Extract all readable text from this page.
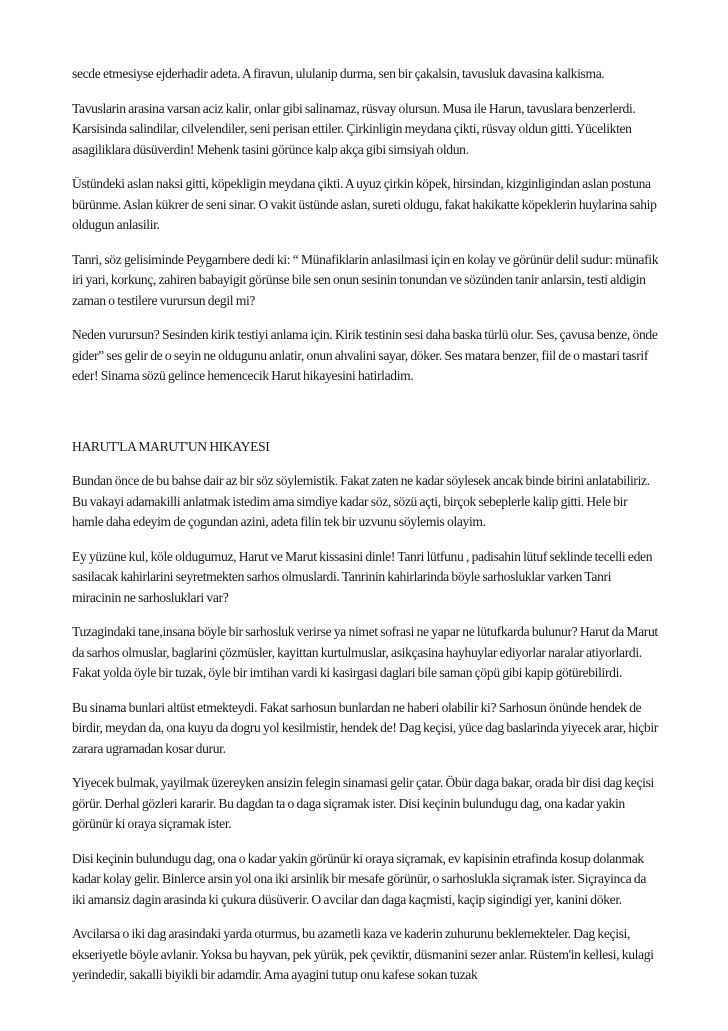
secde etmesiyse ejderhadir adeta. A firavun, ululanip durma, sen bir çakalsin, tavusluk davasina kalkisma.

Tavuslarin arasina varsan aciz kalir, onlar gibi salinamaz, rüsvay olursun. Musa ile Harun, tavuslara benzerlerdi. Karsisinda salindilar, cilvelendiler, seni perisan ettiler. Çirkinligin meydana çikti, rüsvay oldun gitti. Yücelikten asagiliklara düsüverdin! Mehenk tasini görünce kalp akça gibi simsiyah oldun.

Üstündeki aslan naksi gitti, köpekligin meydana çikti. A uyuz çirkin köpek, hirsindan, kizginligindan aslan postuna bürünme. Aslan kükrer de seni sinar. O vakit üstünde aslan, sureti oldugu, fakat hakikatte köpeklerin huylarina sahip oldugun anlasilir.

Tanri, söz gelisiminde Peygambere dedi ki: “ Münafiklarin anlasilmasi için en kolay ve görünür delil sudur: münafik iri yari, korkunç, zahiren babayigit görünse bile sen onun sesinin tonundan ve sözünden tanir anlarsin, testi aldigin zaman o testilere vurursun degil mi?

Neden vurursun? Sesinden kirik testiyi anlama için. Kirik testinin sesi daha baska türlü olur. Ses, çavusa benze, önde gider” ses gelir de o seyin ne oldugunu anlatir, onun ahvalini sayar, döker. Ses matara benzer, fiil de o mastari tasrif eder! Sinama sözü gelince hemencecik Harut hikayesini hatirladim.

HARUT'LA MARUT'UN HIKAYESI

Bundan önce de bu bahse dair az bir söz söylemistik. Fakat zaten ne kadar söylesek ancak binde birini anlatabiliriz. Bu vakayi adamakilli anlatmak istedim ama simdiye kadar söz, sözü açti, birçok sebeplerle kalip gitti. Hele bir hamle daha edeyim de çogundan azini, adeta filin tek bir uzvunu söylemis olayim.

Ey yüzüne kul, köle oldugumuz, Harut ve Marut kissasini dinle! Tanri lütfunu , padisahin lütuf seklinde tecelli eden sasilacak kahirlarini seyretmekten sarhos olmuslardi. Tanrinin kahirlarinda böyle sarhosluklar varken Tanri miracinin ne sarhosluklari var?

Tuzagindaki tane,insana böyle bir sarhosluk verirse ya nimet sofrasi ne yapar ne lütufkarda bulunur? Harut da Marut da sarhos olmuslar, baglarini çözmüsler, kayittan kurtulmuslar, asikçasina hayhuylar ediyorlar naralar atiyorlardi. Fakat yolda öyle bir tuzak, öyle bir imtihan vardi ki kasirgasi daglari bile saman çöpü gibi kapip götürebilirdi.

Bu sinama bunlari altüst etmekteydi. Fakat sarhosun bunlardan ne haberi olabilir ki? Sarhosun önünde hendek de birdir, meydan da, ona kuyu da dogru yol kesilmistir, hendek de! Dag keçisi, yüce dag baslarinda yiyecek arar, hiçbir zarara ugramadan kosar durur.

Yiyecek bulmak, yayilmak üzereyken ansizin felegin sinamasi gelir çatar. Öbür daga bakar, orada bir disi dag keçisi görür. Derhal gözleri kararir. Bu dagdan ta o daga siçramak ister. Disi keçinin bulundugu dag, ona kadar yakin görünür ki oraya siçramak ister.

Disi keçinin bulundugu dag, ona o kadar yakin görünür ki oraya siçramak, ev kapisinin etrafinda kosup dolanmak kadar kolay gelir. Binlerce arsin yol ona iki arsinlik bir mesafe görünür, o sarhoslukla siçramak ister. Siçrayinca da iki amansiz dagin arasinda ki çukura düsüverir. O avcilar dan daga kaçmisti, kaçip sigindigi yer, kanini döker.

Avcilarsa o iki dag arasindaki yarda oturmus, bu azametli kaza ve kaderin zuhurunu beklemekteler. Dag keçisi, ekseriyetle böyle avlanir. Yoksa bu hayvan, pek yürük, pek çeviktir, düsmanini sezer anlar. Rüstem'in kellesi, kulagi yerindedir, sakalli biyikli bir adamdir. Ama ayagini tutup onu kafese sokan tuzak
